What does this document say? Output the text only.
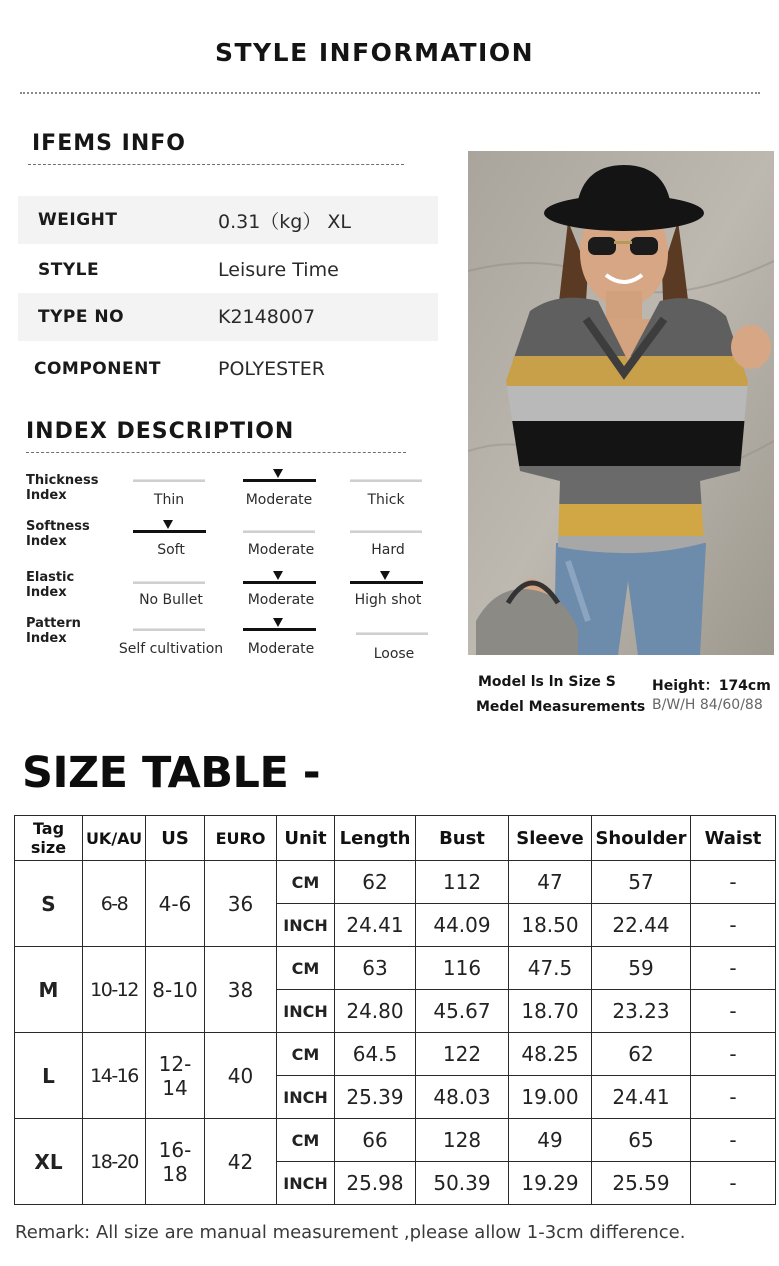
STYLE INFORMATION
IFEMS INFO
WEIGHT	0.31（kg） XL
STYLE	Leisure Time
TYPE NO	K2148007
COMPONENT	POLYESTER
INDEX DESCRIPTION
Thickness
Index	Thin	Moderate	Thick
Softness
Index
Soft	Moderate	Hard
Elastic
Index	No Bullet	Moderate	High shot
Pattern
Index
Self cultivation	Moderate	Loose
Model ls ln Size S	Height：174cm
Medel Measurements B/W/H 84/60/88
SIZE TABLE -
Tag size	UK/AU	US	EURO	Unit	Length	Bust	Sleeve	Shoulder	Waist
S	6-8	4-6	36	CM	62	112	47	57	-
				INCH	24.41	44.09	18.50	22.44	-
M	10-12	8-10	38	CM	63	116	47.5	59	-
				INCH	24.80	45.67	18.70	23.23	-
L	14-16	12-14	40	CM	64.5	122	48.25	62	-
				INCH	25.39	48.03	19.00	24.41	-
XL	18-20	16-18	42	CM	66	128	49	65	-
				INCH	25.98	50.39	19.29	25.59	-
Remark: All size are manual measurement ,please allow 1-3cm difference.
